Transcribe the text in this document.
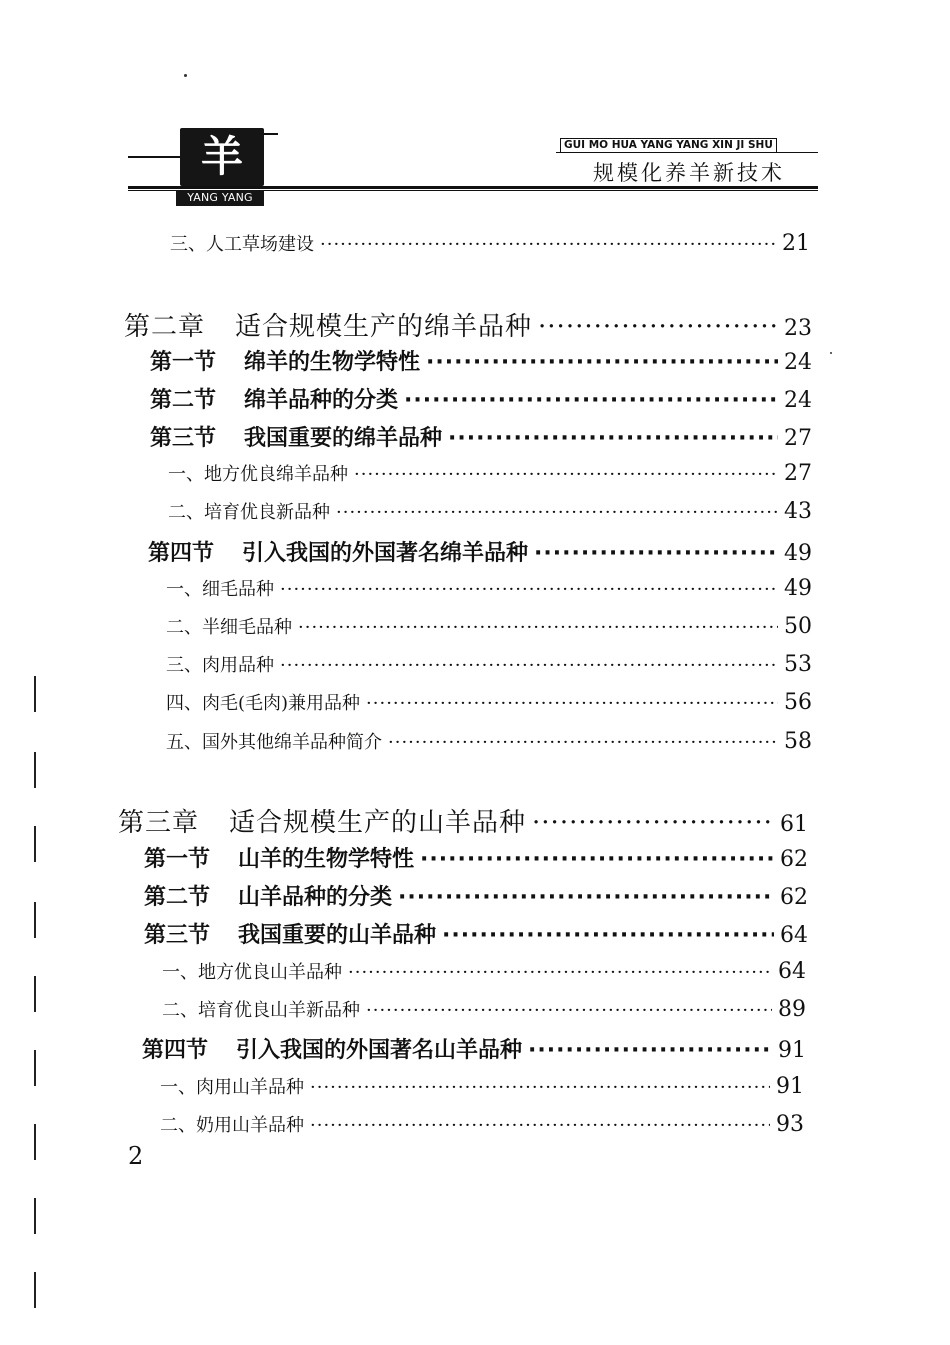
羊
YANG YANG
GUI MO HUA YANG YANG XIN JI SHU
规模化养羊新技术
三、人工草场建设 ·····	21
第二章 适合规模生产的绵羊品种 ·····	23
第一节 绵羊的生物学特性 ·····	24
第二节 绵羊品种的分类 ·····	24
第三节 我国重要的绵羊品种 ·····	27
一、地方优良绵羊品种 ·····	27
二、培育优良新品种 ·····	43
第四节 引入我国的外国著名绵羊品种 ·····	49
一、细毛品种 ·····	49
二、半细毛品种 ·····	50
三、肉用品种 ·····	53
四、肉毛(毛肉)兼用品种 ·····	56
五、国外其他绵羊品种简介 ·····	58
第三章 适合规模生产的山羊品种 ·····	61
第一节 山羊的生物学特性 ·····	62
第二节 山羊品种的分类 ·····	62
第三节 我国重要的山羊品种 ·····	64
一、地方优良山羊品种 ·····	64
二、培育优良山羊新品种 ·····	89
第四节 引入我国的外国著名山羊品种 ·····	91
一、肉用山羊品种 ·····	91
二、奶用山羊品种 ·····	93
2
